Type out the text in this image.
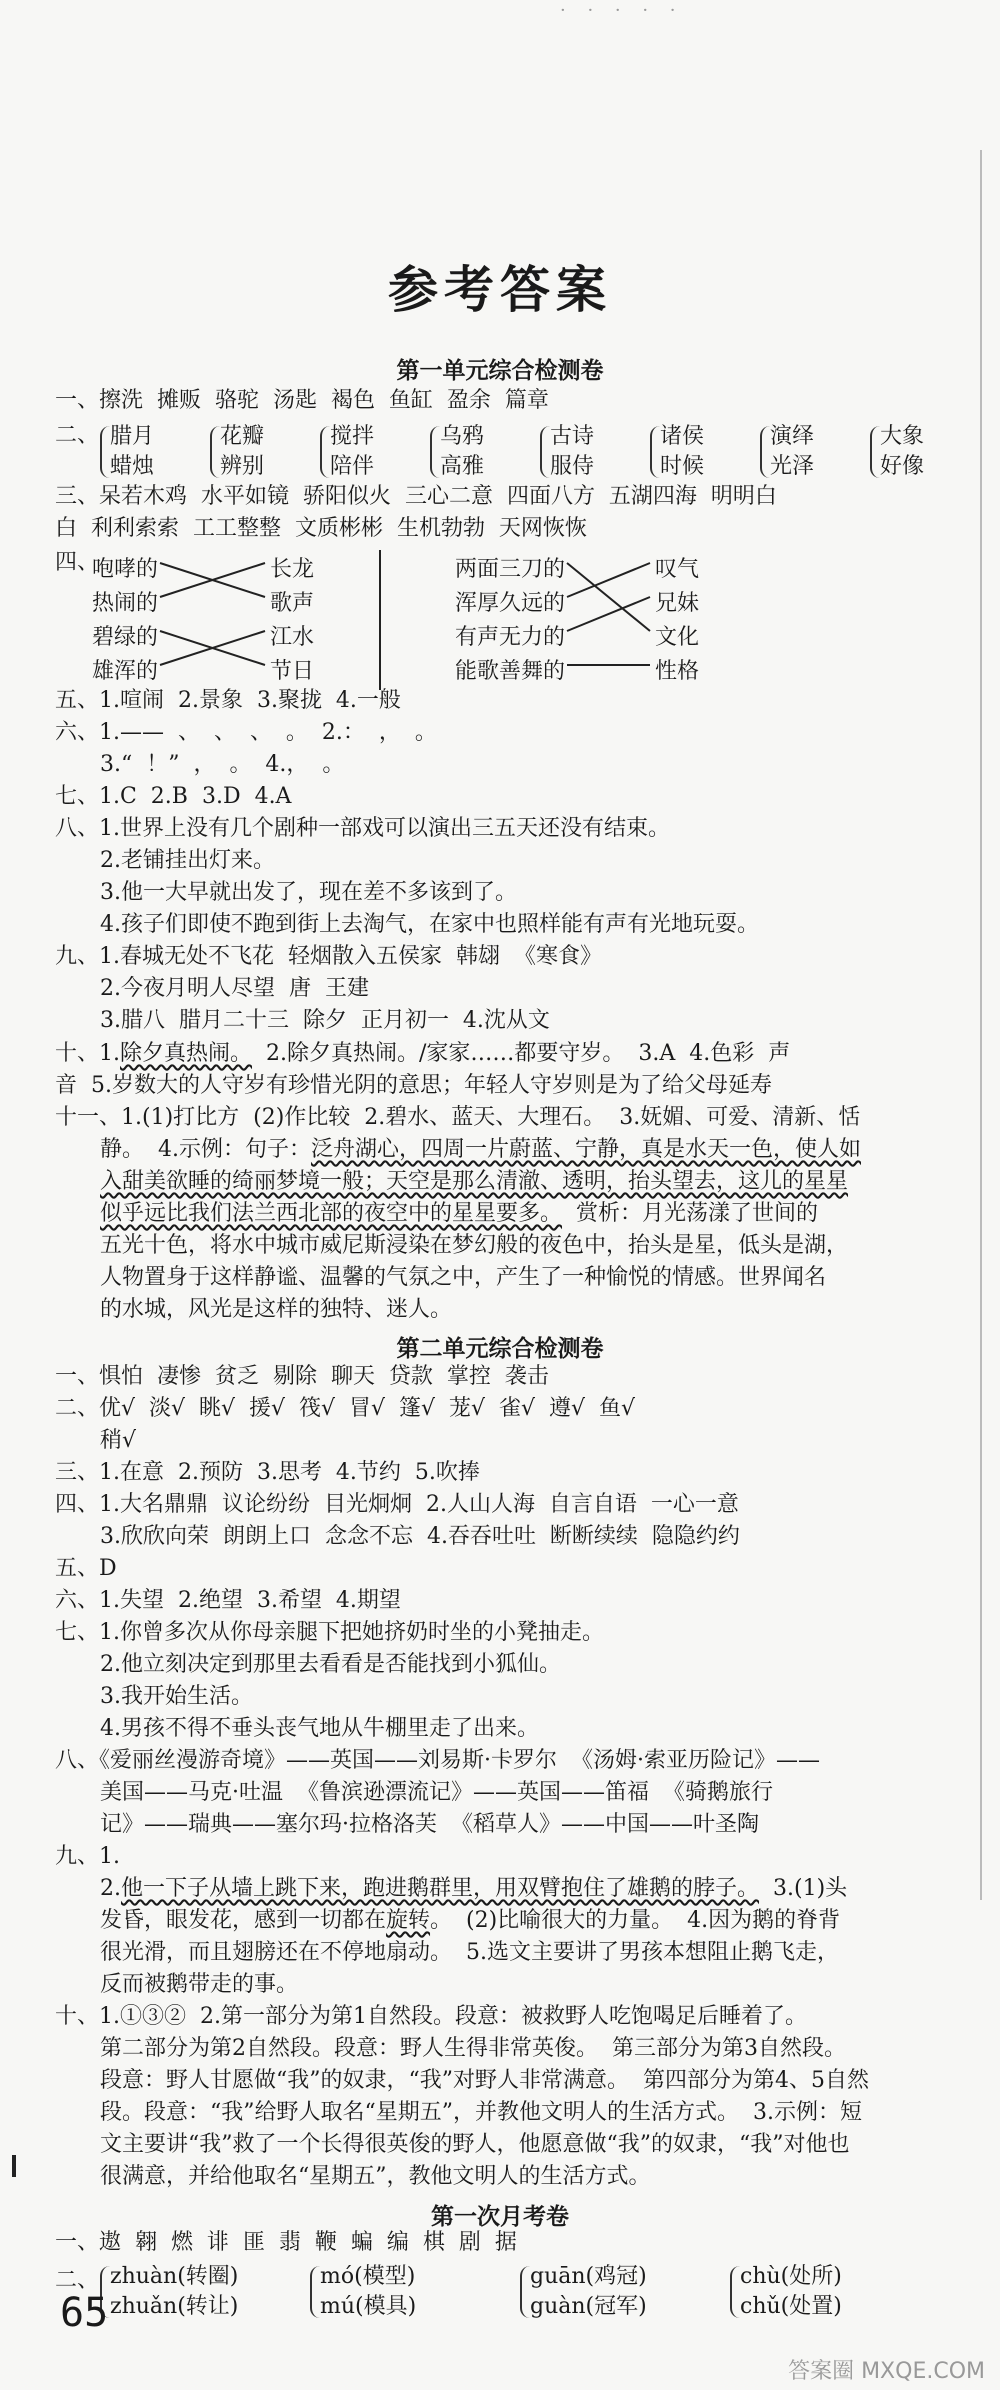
· · · · ·
参考答案
第一单元综合检测卷
一、擦洗  摊贩  骆驼  汤匙  褐色  鱼缸  盈余  篇章
二、 腊月
蜡烛
花瓣
辨别
搅拌
陪伴
乌鸦
高雅
古诗
服侍
诸侯
时候
演绎
光泽
大象
好像
三、呆若木鸡  水平如镜  骄阳似火  三心二意  四面八方  五湖四海  明明白
白  利利索索  工工整整  文质彬彬  生机勃勃  天网恢恢
四、
咆哮的
热闹的
碧绿的
雄浑的
长龙
歌声
江水
节日
两面三刀的
浑厚久远的
有声无力的
能歌善舞的
叹气
兄妹
文化
性格
五、1.喧闹  2.景象  3.聚拢  4.一般
六、1.——  、  、  、  。  2.：  ，  。
3.“  ！”  ，  。  4.，  。
七、1.C  2.B  3.D  4.A
八、1.世界上没有几个剧种一部戏可以演出三五天还没有结束。
2.老铺挂出灯来。
3.他一大早就出发了，现在差不多该到了。
4.孩子们即使不跑到街上去淘气，在家中也照样能有声有光地玩耍。
九、1.春城无处不飞花  轻烟散入五侯家  韩翃  《寒食》
2.今夜月明人尽望  唐  王建
3.腊八  腊月二十三  除夕  正月初一  4.沈从文
十、1.除夕真热闹。  2.除夕真热闹。/家家……都要守岁。  3.A  4.色彩  声
音  5.岁数大的人守岁有珍惜光阴的意思；年轻人守岁则是为了给父母延寿
十一、1.(1)打比方  (2)作比较  2.碧水、蓝天、大理石。  3.妩媚、可爱、清新、恬
静。  4.示例：句子：泛舟湖心，四周一片蔚蓝、宁静，真是水天一色，使人如
入甜美欲睡的绮丽梦境一般；天空是那么清澈、透明，抬头望去，这儿的星星
似乎远比我们法兰西北部的夜空中的星星要多。  赏析：月光荡漾了世间的
五光十色，将水中城市威尼斯浸染在梦幻般的夜色中，抬头是星，低头是湖，
人物置身于这样静谧、温馨的气氛之中，产生了一种愉悦的情感。世界闻名
的水城，风光是这样的独特、迷人。
第二单元综合检测卷
一、惧怕  凄惨  贫乏  剔除  聊天  贷款  掌控  袭击
二、优√  淡√  眺√  援√  筏√  冒√  篷√  茏√  雀√  遵√  鱼√
稍√
三、1.在意  2.预防  3.思考  4.节约  5.吹捧
四、1.大名鼎鼎  议论纷纷  目光炯炯  2.人山人海  自言自语  一心一意
3.欣欣向荣  朗朗上口  念念不忘  4.吞吞吐吐  断断续续  隐隐约约
五、D
六、1.失望  2.绝望  3.希望  4.期望
七、1.你曾多次从你母亲腿下把她挤奶时坐的小凳抽走。
2.他立刻决定到那里去看看是否能找到小狐仙。
3.我开始生活。
4.男孩不得不垂头丧气地从牛棚里走了出来。
八、《爱丽丝漫游奇境》——英国——刘易斯·卡罗尔  《汤姆·索亚历险记》——
美国——马克·吐温  《鲁滨逊漂流记》——英国——笛福  《骑鹅旅行
记》——瑞典——塞尔玛·拉格洛芙  《稻草人》——中国——叶圣陶
九、1.
2.他一下子从墙上跳下来，跑进鹅群里，用双臂抱住了雄鹅的脖子。  3.(1)头
发昏，眼发花，感到一切都在旋转。  (2)比喻很大的力量。  4.因为鹅的脊背
很光滑，而且翅膀还在不停地扇动。  5.选文主要讲了男孩本想阻止鹅飞走，
反而被鹅带走的事。
十、1.①③②  2.第一部分为第1自然段。段意：被救野人吃饱喝足后睡着了。
第二部分为第2自然段。段意：野人生得非常英俊。  第三部分为第3自然段。
段意：野人甘愿做“我”的奴隶，“我”对野人非常满意。  第四部分为第4、5自然
段。段意：“我”给野人取名“星期五”，并教他文明人的生活方式。  3.示例：短
文主要讲“我”救了一个长得很英俊的野人，他愿意做“我”的奴隶，“我”对他也
很满意，并给他取名“星期五”，教他文明人的生活方式。
第一次月考卷
一、遨  翱  燃  诽  匪  翡  鞭  蝙  编  棋  剧  据
二、 zhuàn(转圈)
zhuǎn(转让)
mó(模型)
mú(模具)
guān(鸡冠)
guàn(冠军)
chù(处所)
chǔ(处置)
65
答案圈 MXQE.COM
